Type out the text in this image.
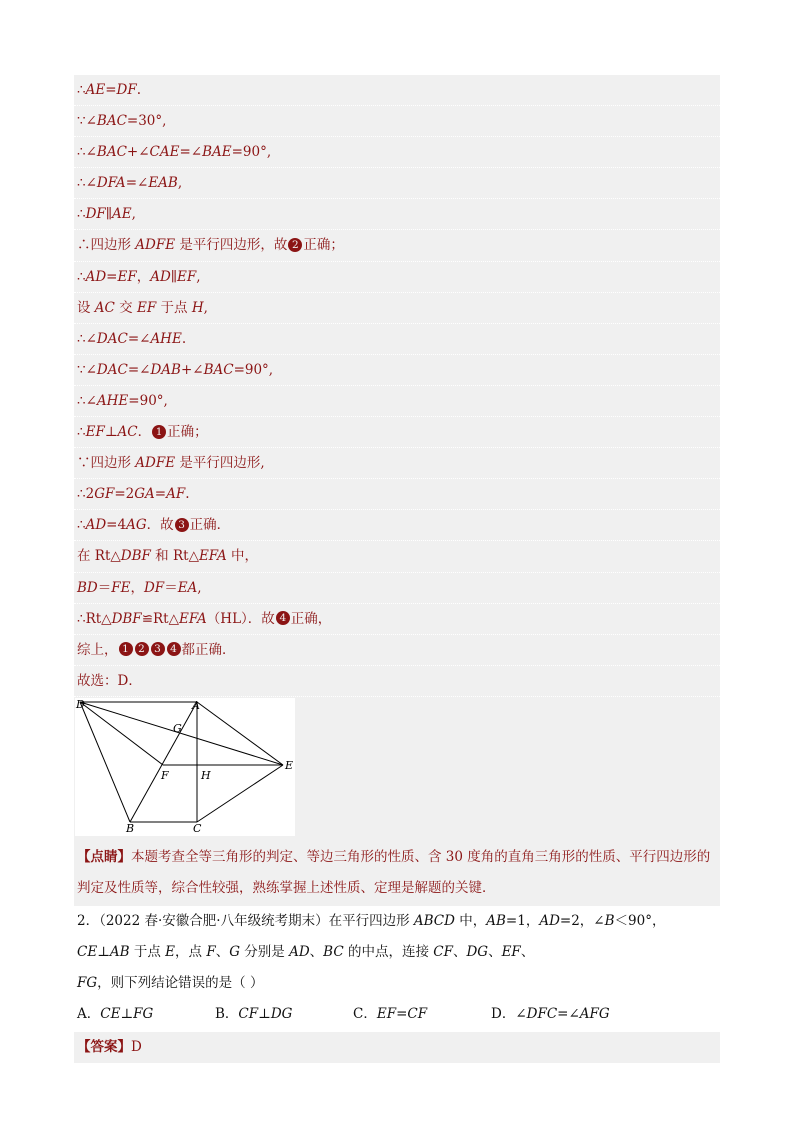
∴AE=DF.
∵∠BAC=30°,
∴∠BAC+∠CAE=∠BAE=90°,
∴∠DFA=∠EAB,
∴DF∥AE,
∴四边形 ADFE 是平行四边形，故 2 正确；
∴AD=EF，AD∥EF,
设 AC 交 EF 于点 H,
∴∠DAC=∠AHE.
∵∠DAC=∠DAB+∠BAC=90°,
∴∠AHE=90°,
∴EF⊥AC． 1 正确；
∵四边形 ADFE 是平行四边形,
∴2GF=2GA=AF.
∴AD=4AG．故 3 正确．
在 Rt△DBF 和 Rt△EFA 中，
BD＝FE，DF＝EA,
∴Rt△DBF≌Rt△EFA（HL）．故 4 正确，
综上， 1 2 3 4 都正确．
故选：D．
D	A
G
F	H
E
B	C
【点睛】本题考查全等三角形的判定、等边三角形的性质、含 30 度角的直角三角形的性质、平行四边形的判定及性质等，综合性较强，熟练掌握上述性质、定理是解题的关键．
2．（2022 春·安徽合肥·八年级统考期末）在平行四边形 ABCD 中，AB=1，AD=2，∠B＜90°， CE⊥AB 于点 E，点 F、G 分别是 AD、BC 的中点，连接 CF、DG、EF、FG，则下列结论错误的是（ ）
A．CE⊥FG	B．CF⊥DG	C．EF=CF	D．∠DFC=∠AFG
【答案】D
